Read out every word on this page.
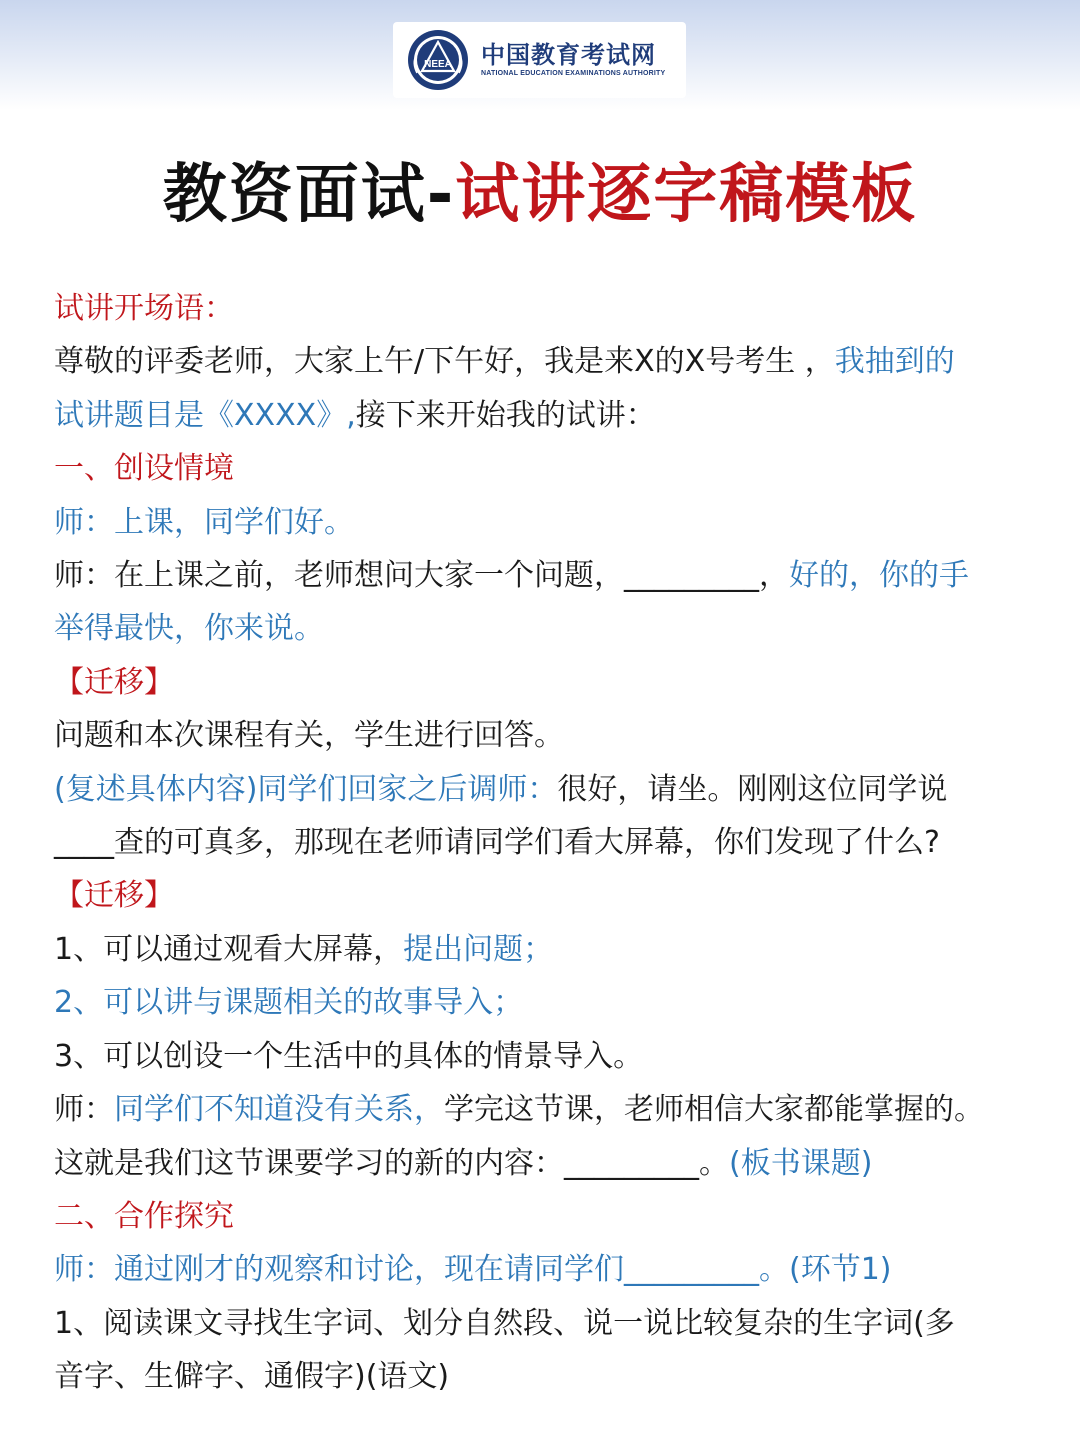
NEEA 中国教育考试网
NATIONAL EDUCATION EXAMINATIONS AUTHORITY
教资面试-试讲逐字稿模板
试讲开场语：
尊敬的评委老师，大家上午/下午好，我是来X的X号考生 ，我抽到的
试讲题目是《XXXX》,接下来开始我的试讲：
一、创设情境
师：上课，同学们好。
师：在上课之前，老师想问大家一个问题，_________，好的，你的手
举得最快，你来说。
【迁移】
问题和本次课程有关，学生进行回答。
(复述具体内容)同学们回家之后调师：很好，请坐。刚刚这位同学说
____查的可真多，那现在老师请同学们看大屏幕，你们发现了什么?
【迁移】
1、可以通过观看大屏幕，提出问题；
2、可以讲与课题相关的故事导入；
3、可以创设一个生活中的具体的情景导入。
师：同学们不知道没有关系，学完这节课，老师相信大家都能掌握的。
这就是我们这节课要学习的新的内容：_________。(板书课题)
二、合作探究
师：通过刚才的观察和讨论，现在请同学们_________。(环节1)
1、阅读课文寻找生字词、划分自然段、说一说比较复杂的生字词(多
音字、生僻字、通假字)(语文)
